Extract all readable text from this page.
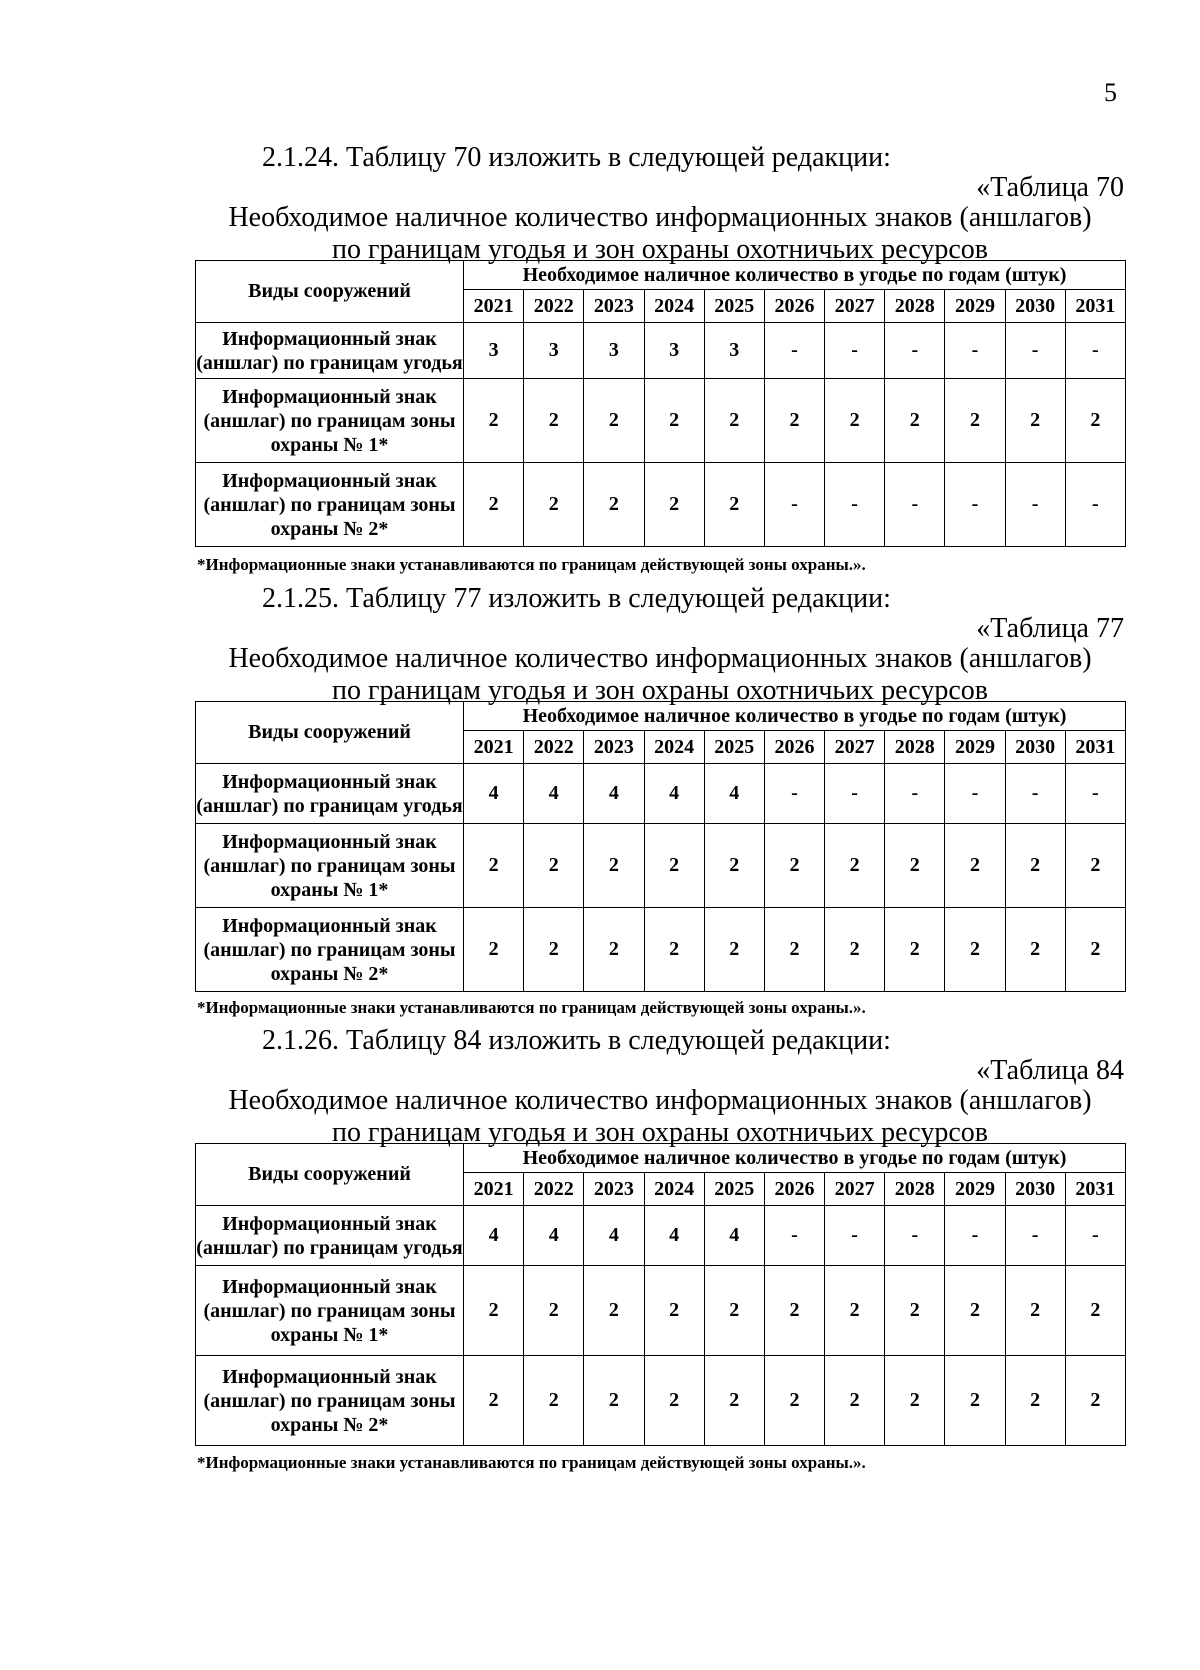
5
2.1.24. Таблицу 70 изложить в следующей редакции:
«Таблица 70
Необходимое наличное количество информационных знаков (аншлагов)
по границам угодья и зон охраны охотничьих ресурсов
Виды сооружений	Необходимое наличное количество в угодье по годам (штук)										
	2021	2022	2023	2024	2025	2026	2027	2028	2029	2030	2031

Информационный знак
(аншлаг) по границам угодья	3	3	3	3	3	-	-	-	-	-	-

Информационный знак
(аншлаг) по границам зоны
охраны № 1*	2	2	2	2	2	2	2	2	2	2	2

Информационный знак
(аншлаг) по границам зоны
охраны № 2*	2	2	2	2	2	-	-	-	-	-	-
*Информационные знаки устанавливаются по границам действующей зоны охраны.».
2.1.25. Таблицу 77 изложить в следующей редакции:
«Таблица 77
Необходимое наличное количество информационных знаков (аншлагов)
по границам угодья и зон охраны охотничьих ресурсов
Виды сооружений	Необходимое наличное количество в угодье по годам (штук)										
	2021	2022	2023	2024	2025	2026	2027	2028	2029	2030	2031

Информационный знак
(аншлаг) по границам угодья	4	4	4	4	4	-	-	-	-	-	-

Информационный знак
(аншлаг) по границам зоны
охраны № 1*	2	2	2	2	2	2	2	2	2	2	2

Информационный знак
(аншлаг) по границам зоны
охраны № 2*	2	2	2	2	2	2	2	2	2	2	2
*Информационные знаки устанавливаются по границам действующей зоны охраны.».
2.1.26. Таблицу 84 изложить в следующей редакции:
«Таблица 84
Необходимое наличное количество информационных знаков (аншлагов)
по границам угодья и зон охраны охотничьих ресурсов
Виды сооружений	Необходимое наличное количество в угодье по годам (штук)										
	2021	2022	2023	2024	2025	2026	2027	2028	2029	2030	2031

Информационный знак
(аншлаг) по границам угодья	4	4	4	4	4	-	-	-	-	-	-

Информационный знак
(аншлаг) по границам зоны
охраны № 1*	2	2	2	2	2	2	2	2	2	2	2

Информационный знак
(аншлаг) по границам зоны
охраны № 2*	2	2	2	2	2	2	2	2	2	2	2
*Информационные знаки устанавливаются по границам действующей зоны охраны.».
